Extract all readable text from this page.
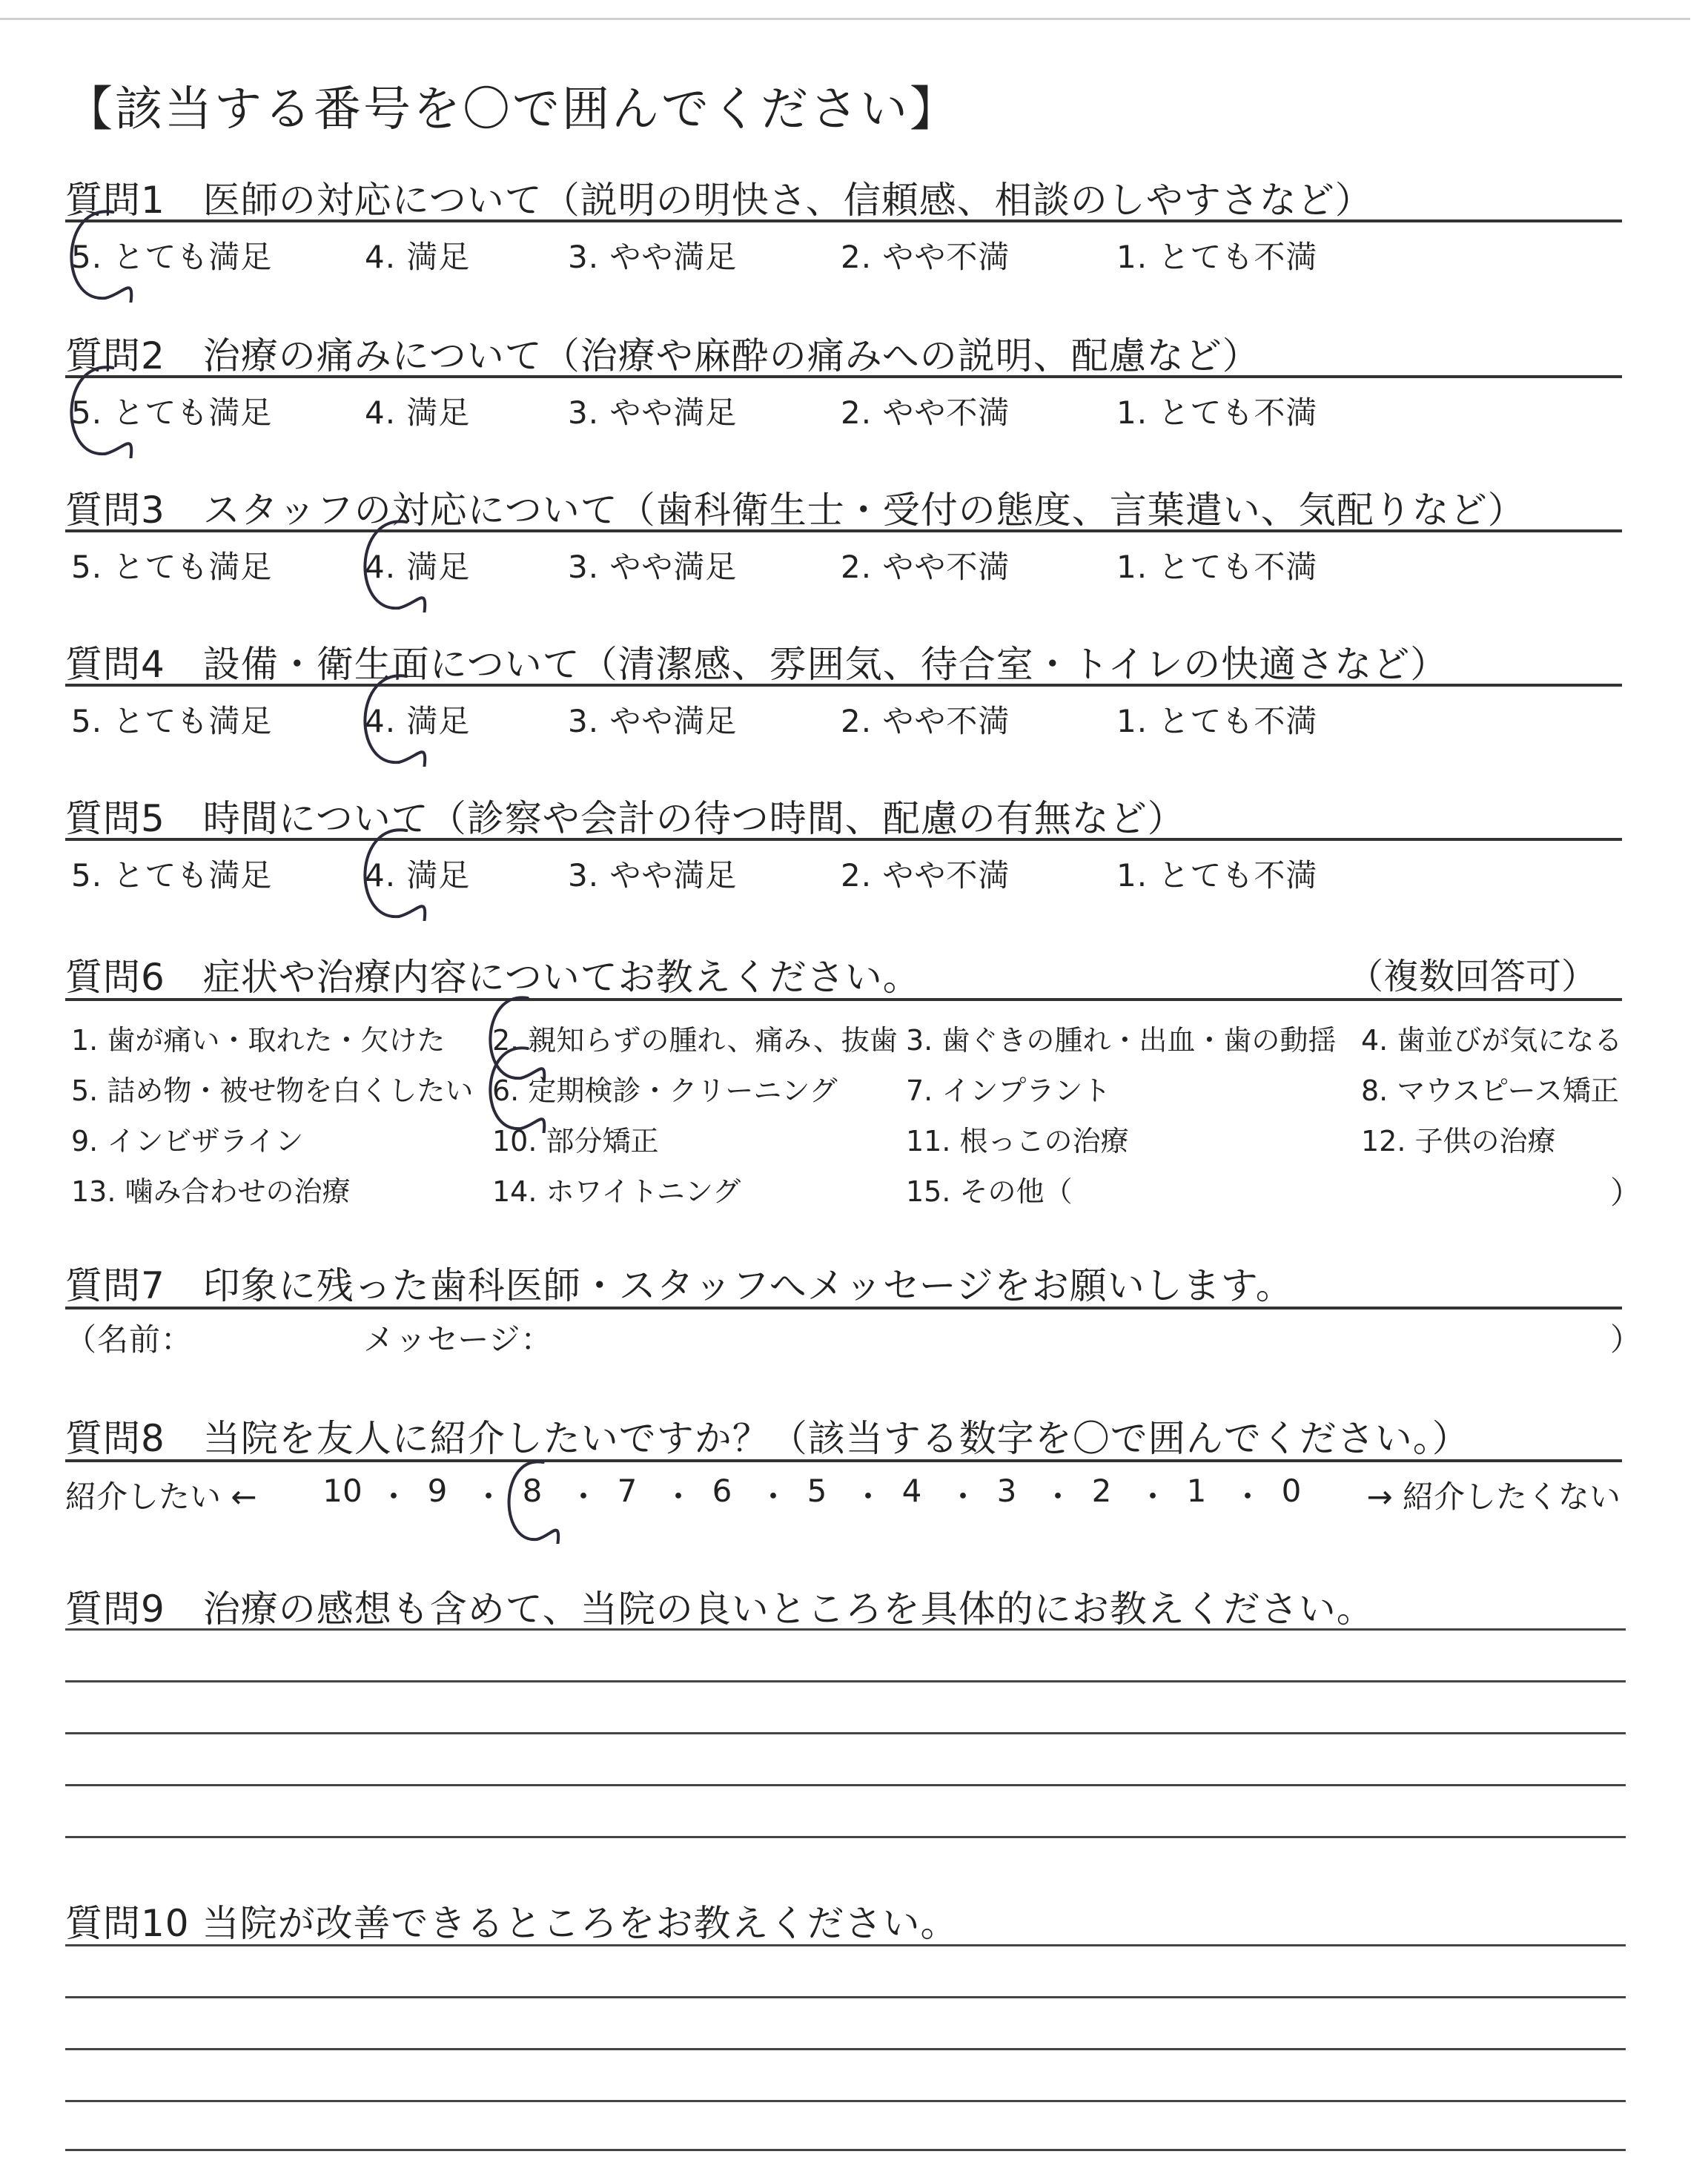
【該当する番号を〇で囲んでください】
質問1　医師の対応について（説明の明快さ、信頼感、相談のしやすさなど）
5. とても満足	4. 満足	3. やや満足	2. やや不満	1. とても不満
質問2　治療の痛みについて（治療や麻酔の痛みへの説明、配慮など）
5. とても満足	4. 満足	3. やや満足	2. やや不満	1. とても不満
質問3　スタッフの対応について（歯科衛生士・受付の態度、言葉遣い、気配りなど）
5. とても満足	4. 満足	3. やや満足	2. やや不満	1. とても不満
質問4　設備・衛生面について（清潔感、雰囲気、待合室・トイレの快適さなど）
5. とても満足	4. 満足	3. やや満足	2. やや不満	1. とても不満
質問5　時間について（診察や会計の待つ時間、配慮の有無など）
5. とても満足	4. 満足	3. やや満足	2. やや不満	1. とても不満
質問6　症状や治療内容についてお教えください。	（複数回答可）
1. 歯が痛い・取れた・欠けた 2. 親知らずの腫れ、痛み、抜歯 3. 歯ぐきの腫れ・出血・歯の動揺 4. 歯並びが気になる
5. 詰め物・被せ物を白くしたい 6. 定期検診・クリーニング 7. インプラント	8. マウスピース矯正
9. インビザライン	10. 部分矯正	11. 根っこの治療	12. 子供の治療
13. 噛み合わせの治療	14. ホワイトニング	15. その他（	）
質問7　印象に残った歯科医師・スタッフへメッセージをお願いします。
（名前：	メッセージ：	）
質問8　当院を友人に紹介したいですか？（該当する数字を〇で囲んでください。）
紹介したい ← 10 ・ 9 ・ 8 ・ 7 ・ 6 ・ 5 ・ 4 ・ 3 ・ 2 ・ 1 ・ 0	→ 紹介したくない
質問9　治療の感想も含めて、当院の良いところを具体的にお教えください。
質問10 当院が改善できるところをお教えください。
